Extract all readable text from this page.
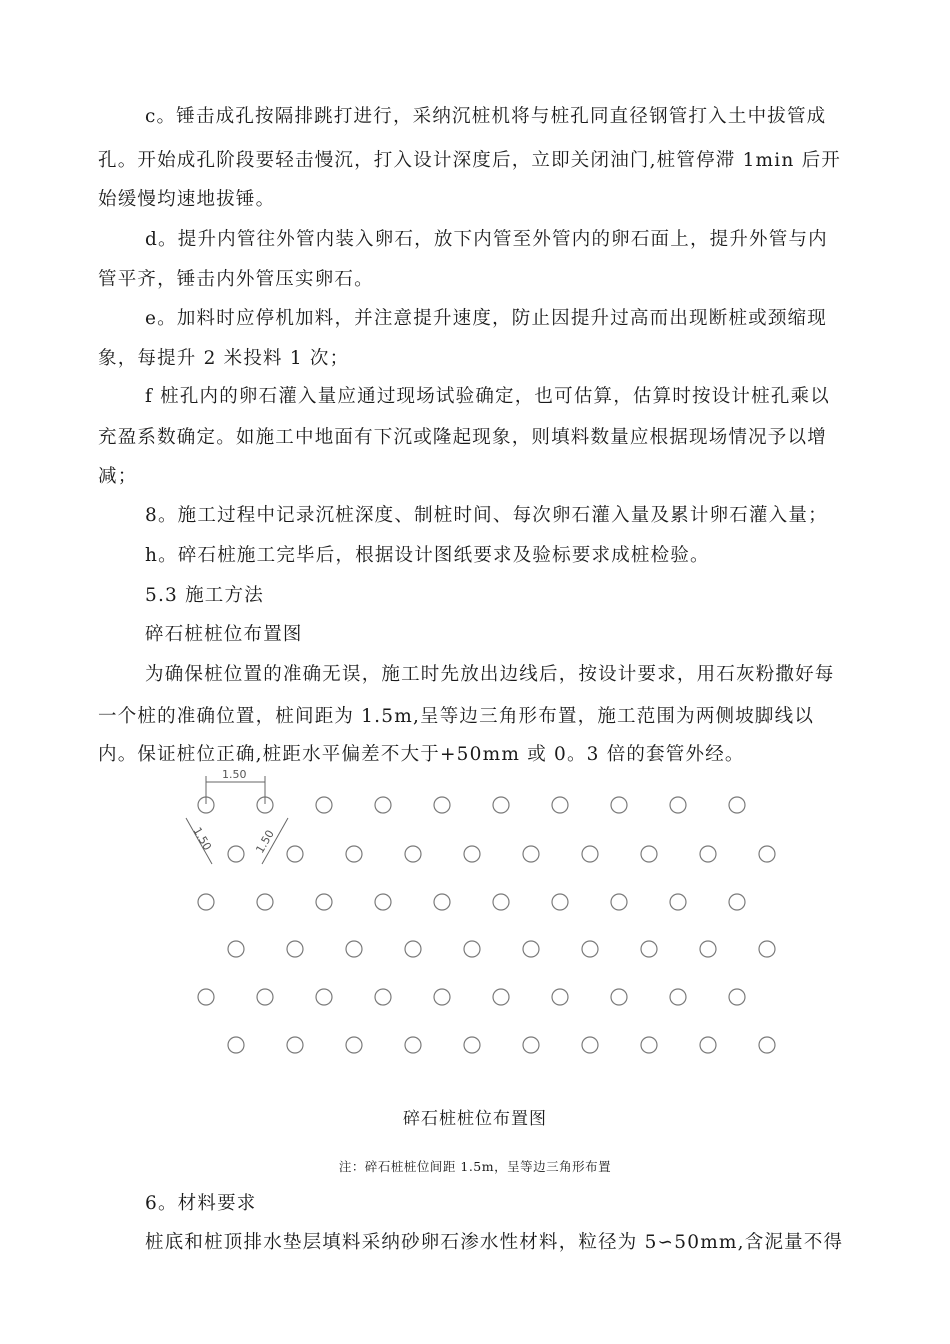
c。锤击成孔按隔排跳打进行，采纳沉桩机将与桩孔同直径钢管打入土中拔管成
孔。开始成孔阶段要轻击慢沉，打入设计深度后，立即关闭油门,桩管停滞 1min 后开
始缓慢均速地拔锤。
d。提升内管往外管内装入卵石，放下内管至外管内的卵石面上，提升外管与内
管平齐，锤击内外管压实卵石。
e。加料时应停机加料，并注意提升速度，防止因提升过高而出现断桩或颈缩现
象，每提升 2 米投料 1 次；
f 桩孔内的卵石灌入量应通过现场试验确定，也可估算，估算时按设计桩孔乘以
充盈系数确定。如施工中地面有下沉或隆起现象，则填料数量应根据现场情况予以增
减；
8。施工过程中记录沉桩深度、制桩时间、每次卵石灌入量及累计卵石灌入量；
h。碎石桩施工完毕后，根据设计图纸要求及验标要求成桩检验。
5.3 施工方法
碎石桩桩位布置图
为确保桩位置的准确无误，施工时先放出边线后，按设计要求，用石灰粉撒好每
一个桩的准确位置，桩间距为 1.5m,呈等边三角形布置，施工范围为两侧坡脚线以
内。保证桩位正确,桩距水平偏差不大于+50mm 或 0。3 倍的套管外经。
1.50
1.50	1.50
碎石桩桩位布置图
注：碎石桩桩位间距 1.5m，呈等边三角形布置
6。材料要求
桩底和桩顶排水垫层填料采纳砂卵石渗水性材料，粒径为 5∽50mm,含泥量不得
